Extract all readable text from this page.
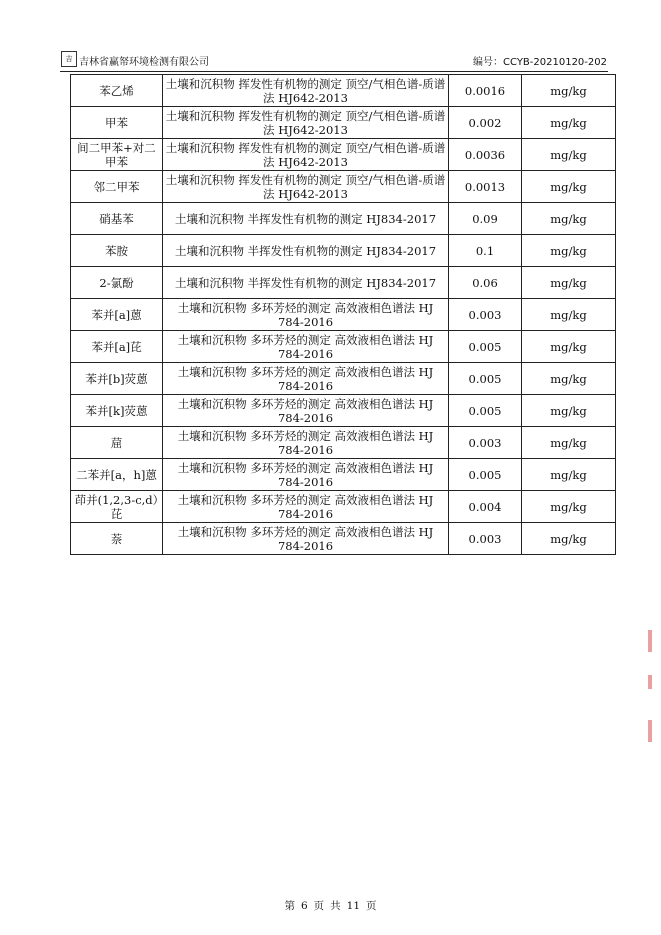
吉 吉林省赢帑环境检测有限公司	编号：CCYB-20210120-202
苯乙烯	土壤和沉积物 挥发性有机物的测定 顶空/气相色谱-质谱法 HJ642-2013	0.0016	mg/kg
甲苯	土壤和沉积物 挥发性有机物的测定 顶空/气相色谱-质谱法 HJ642-2013	0.002	mg/kg
间二甲苯+对二甲苯	土壤和沉积物 挥发性有机物的测定 顶空/气相色谱-质谱法 HJ642-2013	0.0036	mg/kg
邻二甲苯	土壤和沉积物 挥发性有机物的测定 顶空/气相色谱-质谱法 HJ642-2013	0.0013	mg/kg
硝基苯	土壤和沉积物 半挥发性有机物的测定 HJ834-2017	0.09	mg/kg
苯胺	土壤和沉积物 半挥发性有机物的测定 HJ834-2017	0.1	mg/kg
2-氯酚	土壤和沉积物 半挥发性有机物的测定 HJ834-2017	0.06	mg/kg
苯并[a]蒽	土壤和沉积物 多环芳烃的测定 高效液相色谱法 HJ 784-2016	0.003	mg/kg
苯并[a]芘	土壤和沉积物 多环芳烃的测定 高效液相色谱法 HJ 784-2016	0.005	mg/kg
苯并[b]荧蒽	土壤和沉积物 多环芳烃的测定 高效液相色谱法 HJ 784-2016	0.005	mg/kg
苯并[k]荧蒽	土壤和沉积物 多环芳烃的测定 高效液相色谱法 HJ 784-2016	0.005	mg/kg
䓛	土壤和沉积物 多环芳烃的测定 高效液相色谱法 HJ 784-2016	0.003	mg/kg
二苯并[a，h]蒽	土壤和沉积物 多环芳烃的测定 高效液相色谱法 HJ 784-2016	0.005	mg/kg
茚并(1,2,3-c,d）芘	土壤和沉积物 多环芳烃的测定 高效液相色谱法 HJ 784-2016	0.004	mg/kg
萘	土壤和沉积物 多环芳烃的测定 高效液相色谱法 HJ 784-2016	0.003	mg/kg
第 6 页 共 11 页
